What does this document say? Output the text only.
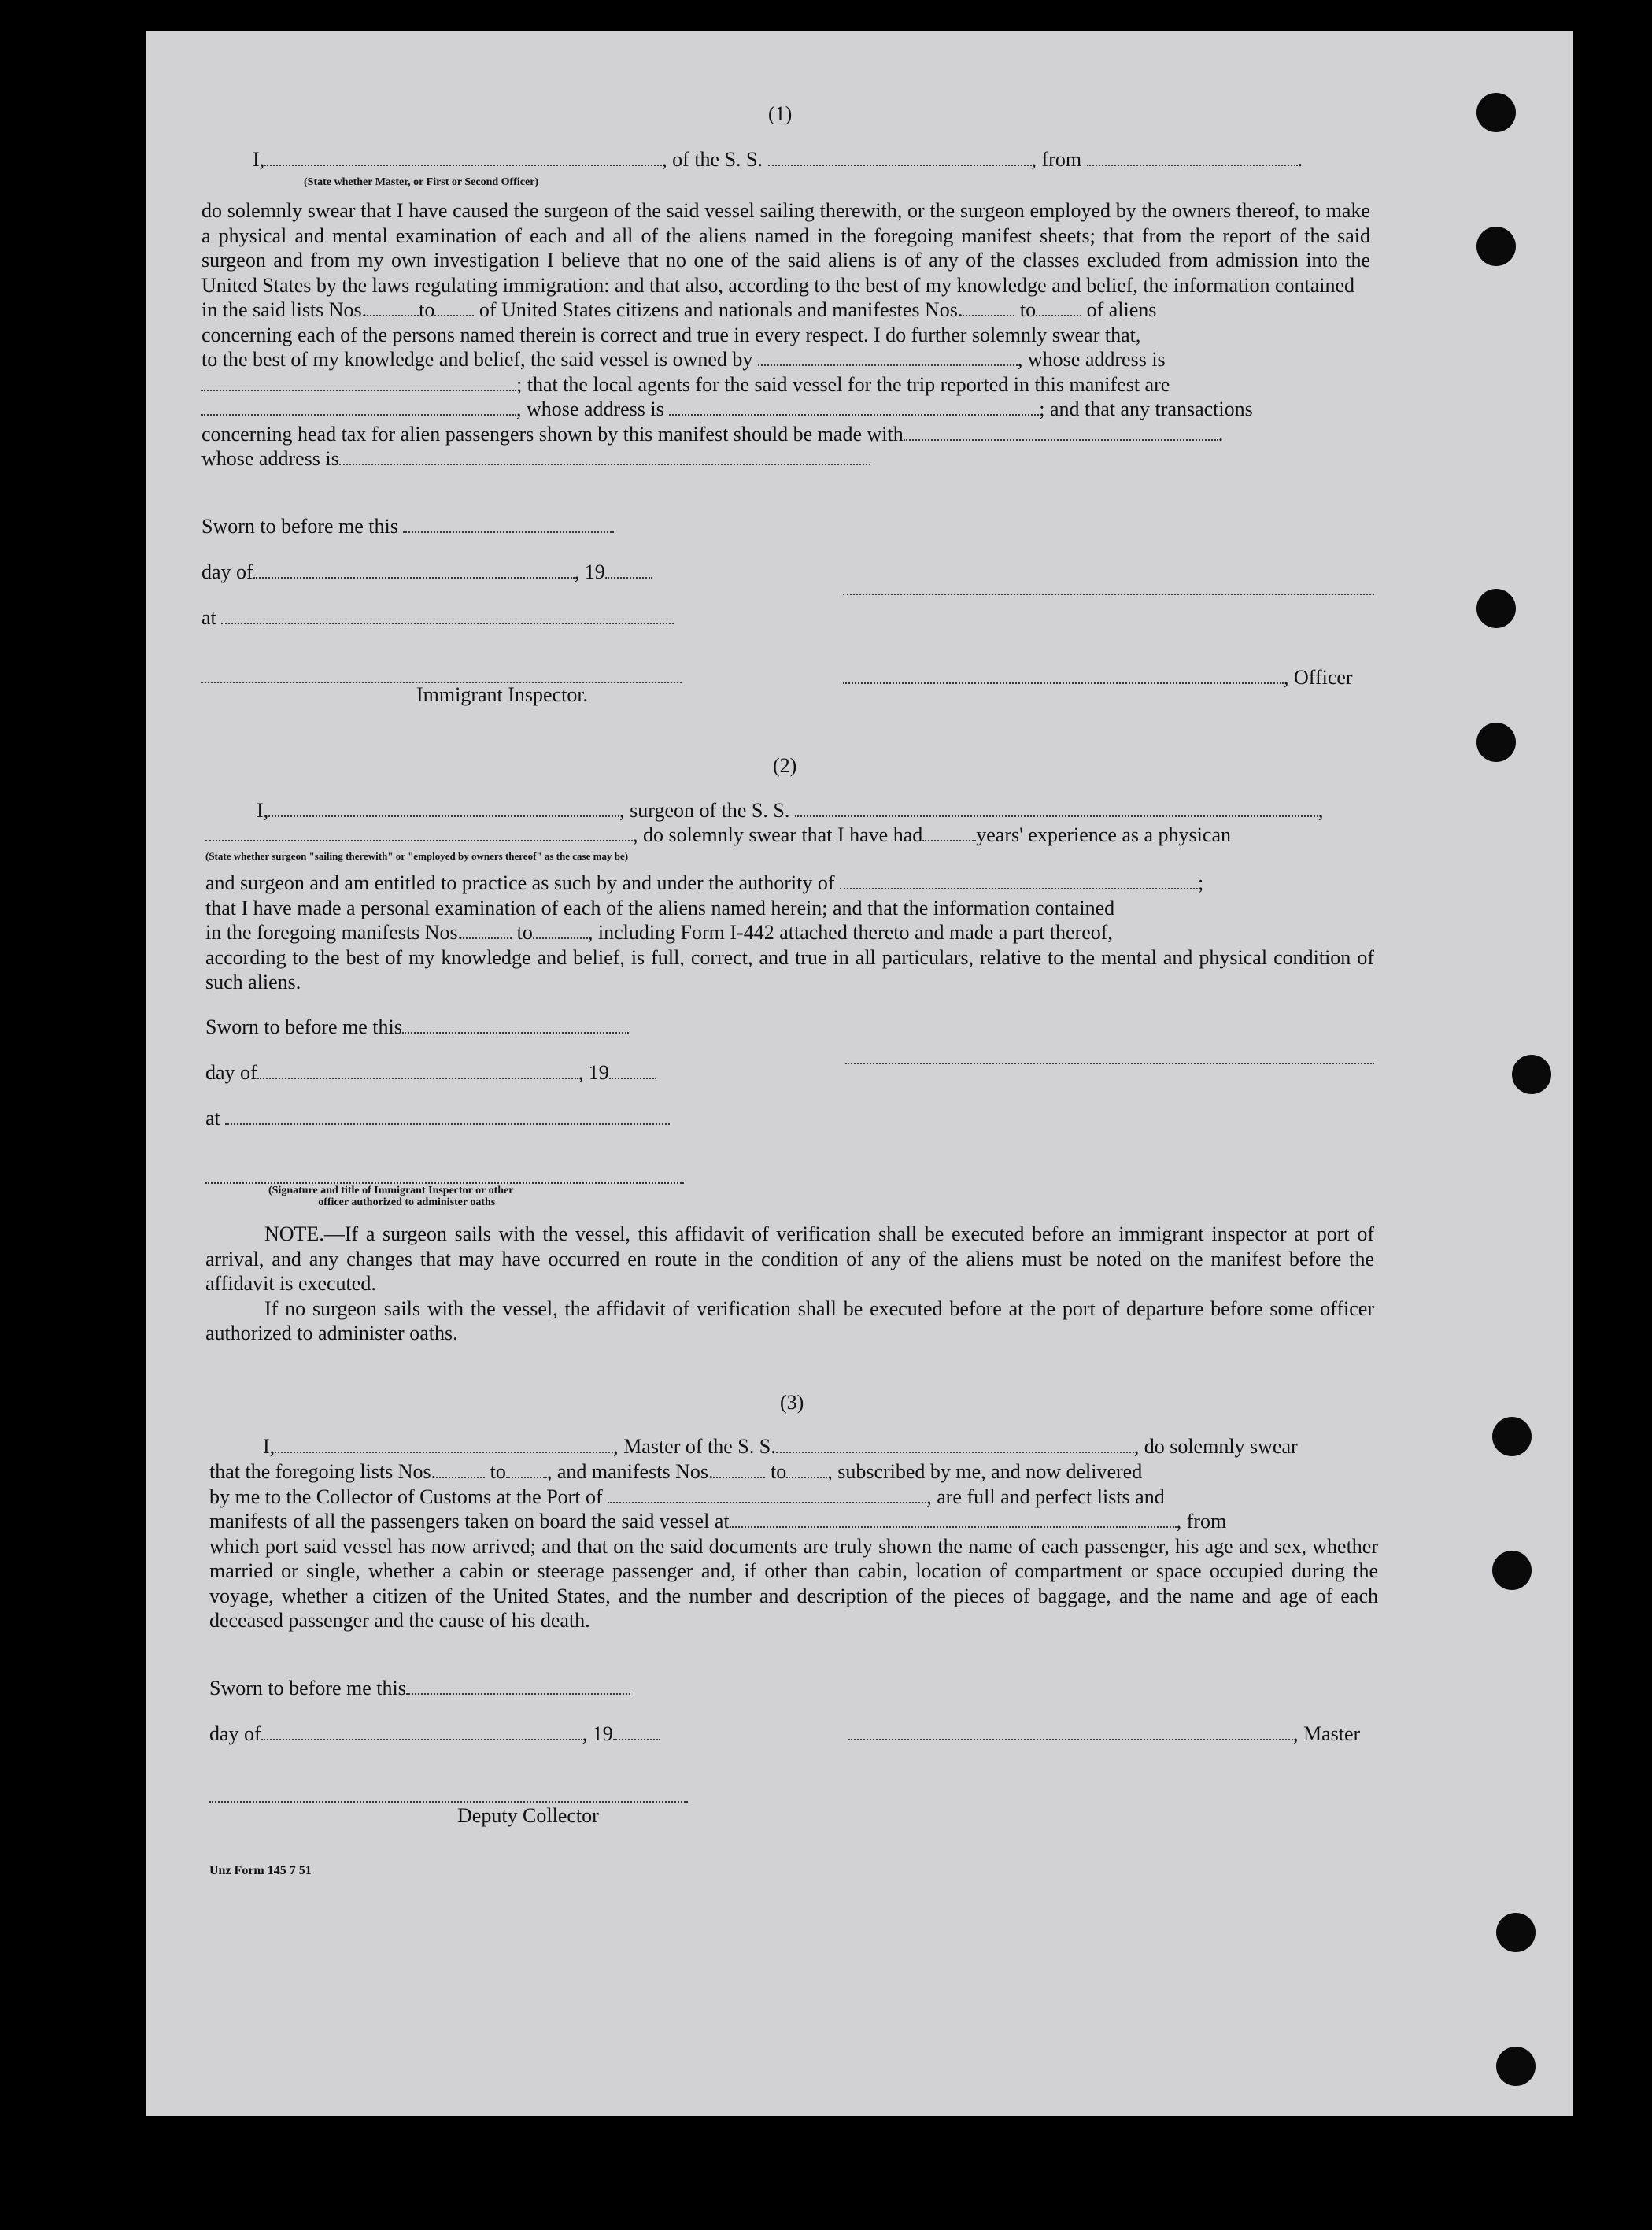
(1)
I,	, of the S. S.	, from	.
(State whether Master, or First or Second Officer)

do solemnly swear that I have caused the surgeon of the said vessel sailing therewith, or the surgeon employed by the owners thereof, to make a physical and mental examination of each and all of the aliens named in the foregoing manifest sheets; that from the report of the said surgeon and from my own investigation I believe that no one of the said aliens is of any of the classes excluded from admission into the United States by the laws regulating immigration: and that also, according to the best of my knowledge and belief, the information contained

in the said lists Nos.	to of United States citizens and nationals and manifestes Nos.	to of aliens

concerning each of the persons named therein is correct and true in every respect. I do further solemnly swear that,

to the best of my knowledge and belief, the said vessel is owned by	, whose address is

; that the local agents for the said vessel for the trip reported in this manifest are

, whose address is	; and that any transactions

concerning head tax for alien passengers shown by this manifest should be made with	.

whose address is

Sworn to before me this
day of	, 19
at
, Officer
Immigrant Inspector.
(2)
I,	, surgeon of the S. S.	,
, do solemnly swear that I have had	years' experience as a physican
(State whether surgeon "sailing therewith" or "employed by owners thereof" as the case may be)

and surgeon and am entitled to practice as such by and under the authority of	;

that I have made a personal examination of each of the aliens named herein; and that the information contained

in the foregoing manifests Nos.	to	, including Form I-442 attached thereto and made a part thereof,

according to the best of my knowledge and belief, is full, correct, and true in all particulars, relative to the mental and physical condition of such aliens.

Sworn to before me this
day of	, 19
at
(Signature and title of Immigrant Inspector or other
officer authorized to administer oaths

NOTE.—If a surgeon sails with the vessel, this affidavit of verification shall be executed before an immigrant inspector at port of arrival, and any changes that may have occurred en route in the condition of any of the aliens must be noted on the manifest before the affidavit is executed.

If no surgeon sails with the vessel, the affidavit of verification shall be executed before at the port of departure before some officer authorized to administer oaths.

(3)
I,	, Master of the S. S.	, do solemnly swear

that the foregoing lists Nos.	to , and manifests Nos.	to , subscribed by me, and now delivered

by me to the Collector of Customs at the Port of	, are full and perfect lists and

manifests of all the passengers taken on board the said vessel at	, from

which port said vessel has now arrived; and that on the said documents are truly shown the name of each passenger, his age and sex, whether married or single, whether a cabin or steerage passenger and, if other than cabin, location of compartment or space occupied during the voyage, whether a citizen of the United States, and the number and description of the pieces of baggage, and the name and age of each deceased passenger and the cause of his death.

Sworn to before me this
day of	, 19	, Master
Deputy Collector
Unz Form 145 7 51
